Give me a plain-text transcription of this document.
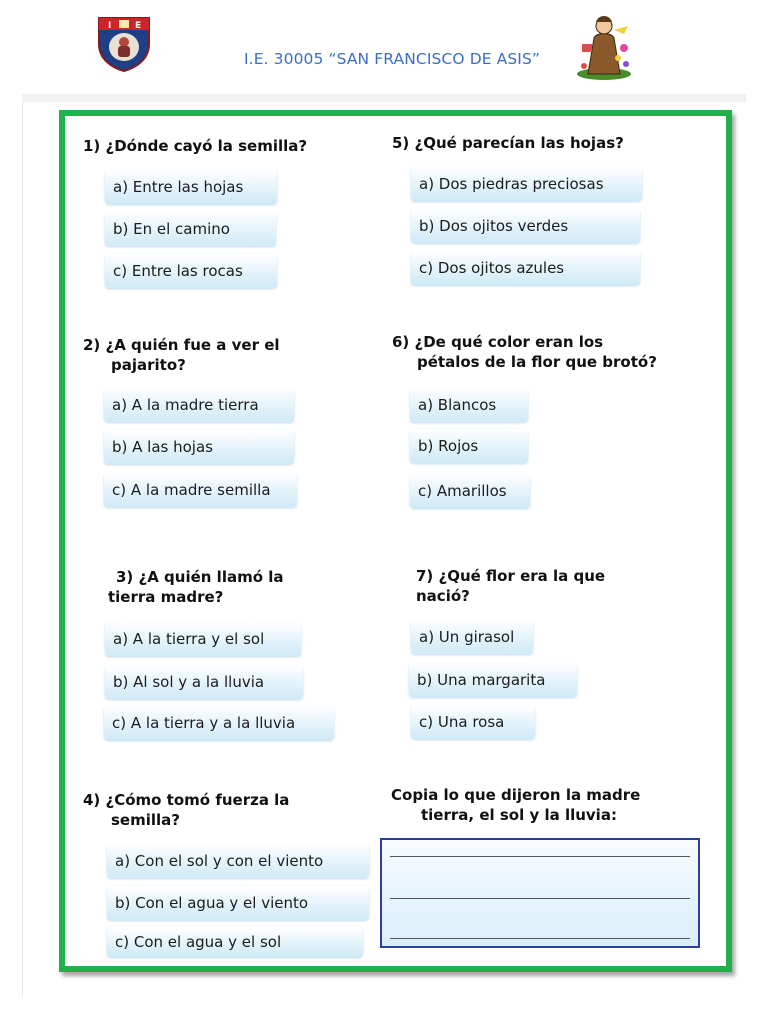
I	E
I.E. 30005 “SAN FRANCISCO DE ASIS”
1) ¿Dónde cayó la semilla?
a) Entre las hojas
b) En el camino
c) Entre las rocas
2) ¿A quién fue a ver el
pajarito?
a) A la madre tierra
b) A las hojas
c) A la madre semilla
3) ¿A quién llamó la
tierra madre?
a) A la tierra y el sol
b) Al sol y a la lluvia
c) A la tierra y a la lluvia
4) ¿Cómo tomó fuerza la
semilla?
a) Con el sol y con el viento
b) Con el agua y el viento
c) Con el agua y el sol
5) ¿Qué parecían las hojas?
a) Dos piedras preciosas
b) Dos ojitos verdes
c) Dos ojitos azules
6) ¿De qué color eran los
pétalos de la flor que brotó?
a) Blancos
b) Rojos
c) Amarillos
7) ¿Qué flor era la que
nació?
a) Un girasol
b) Una margarita
c) Una rosa
Copia lo que dijeron la madre
tierra, el sol y la lluvia:
